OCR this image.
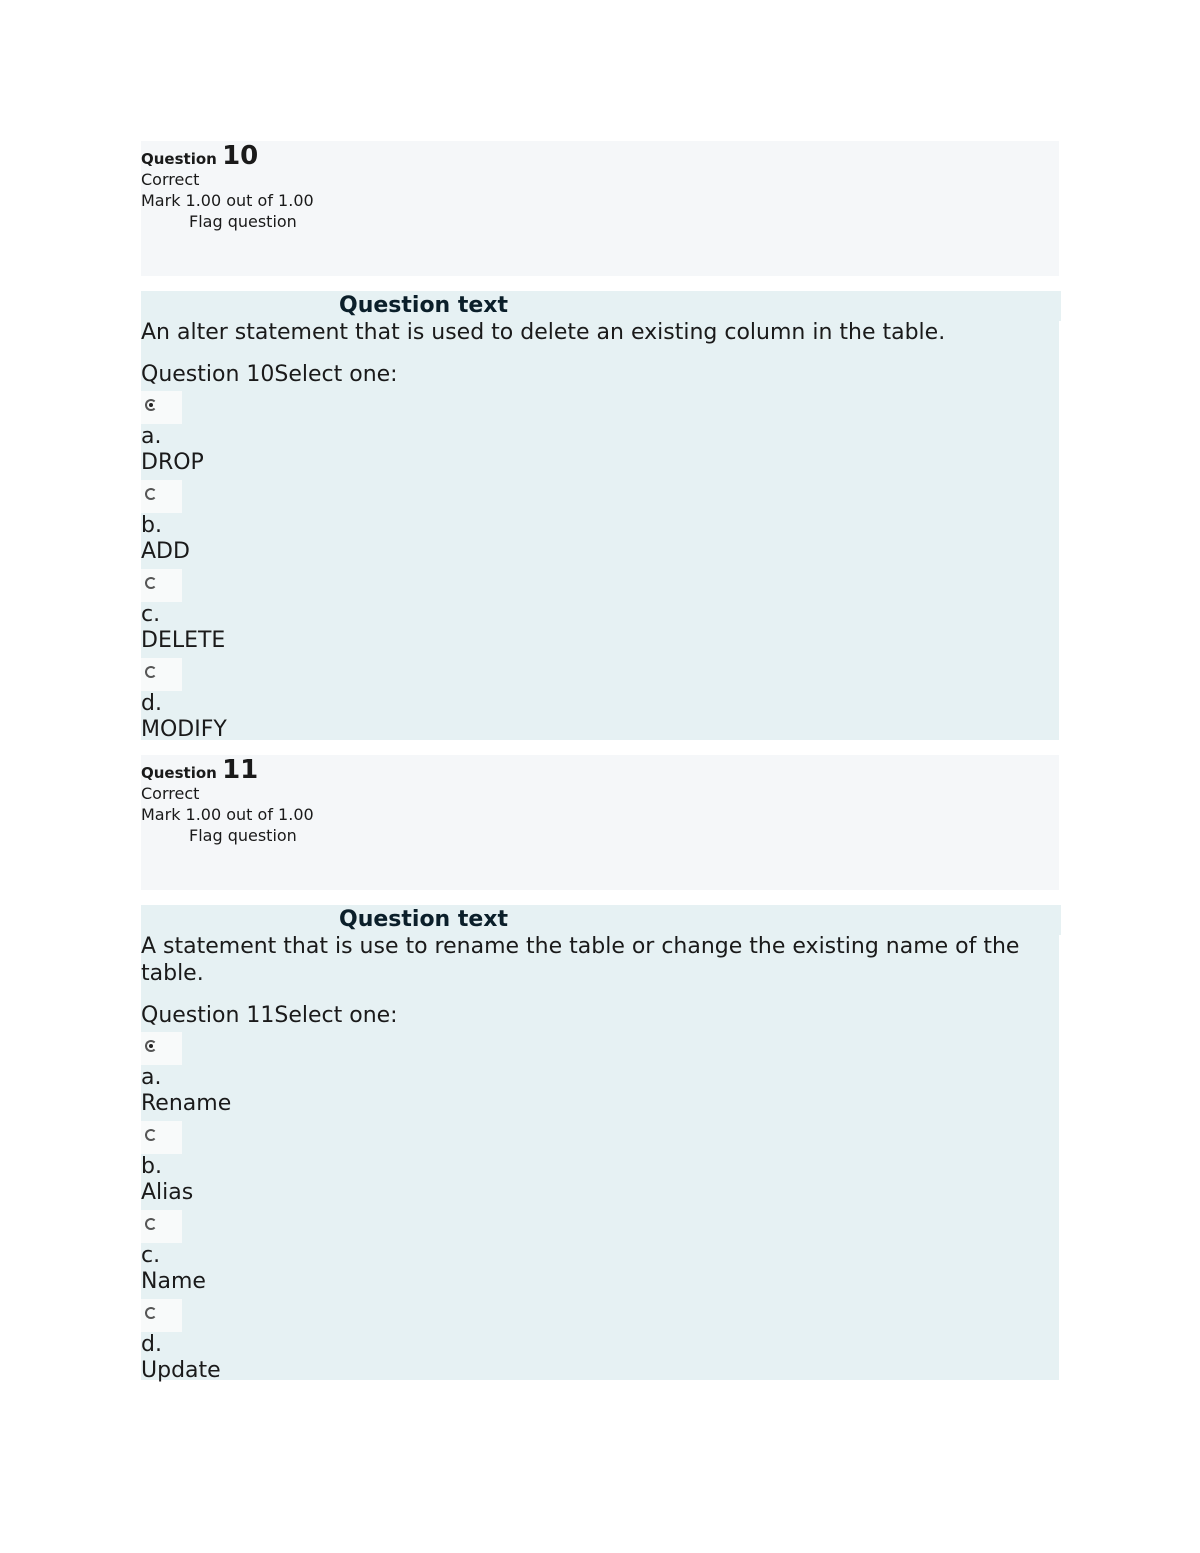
Question 10
Correct
Mark 1.00 out of 1.00
Flag question
Question text
An alter statement that is used to delete an existing column in the table.
Question 10Select one:
a.
DROP
b.
ADD
c.
DELETE
d.
MODIFY
Question 11
Correct
Mark 1.00 out of 1.00
Flag question
Question text
A statement that is use to rename the table or change the existing name of the table.
Question 11Select one:
a.
Rename
b.
Alias
c.
Name
d.
Update
